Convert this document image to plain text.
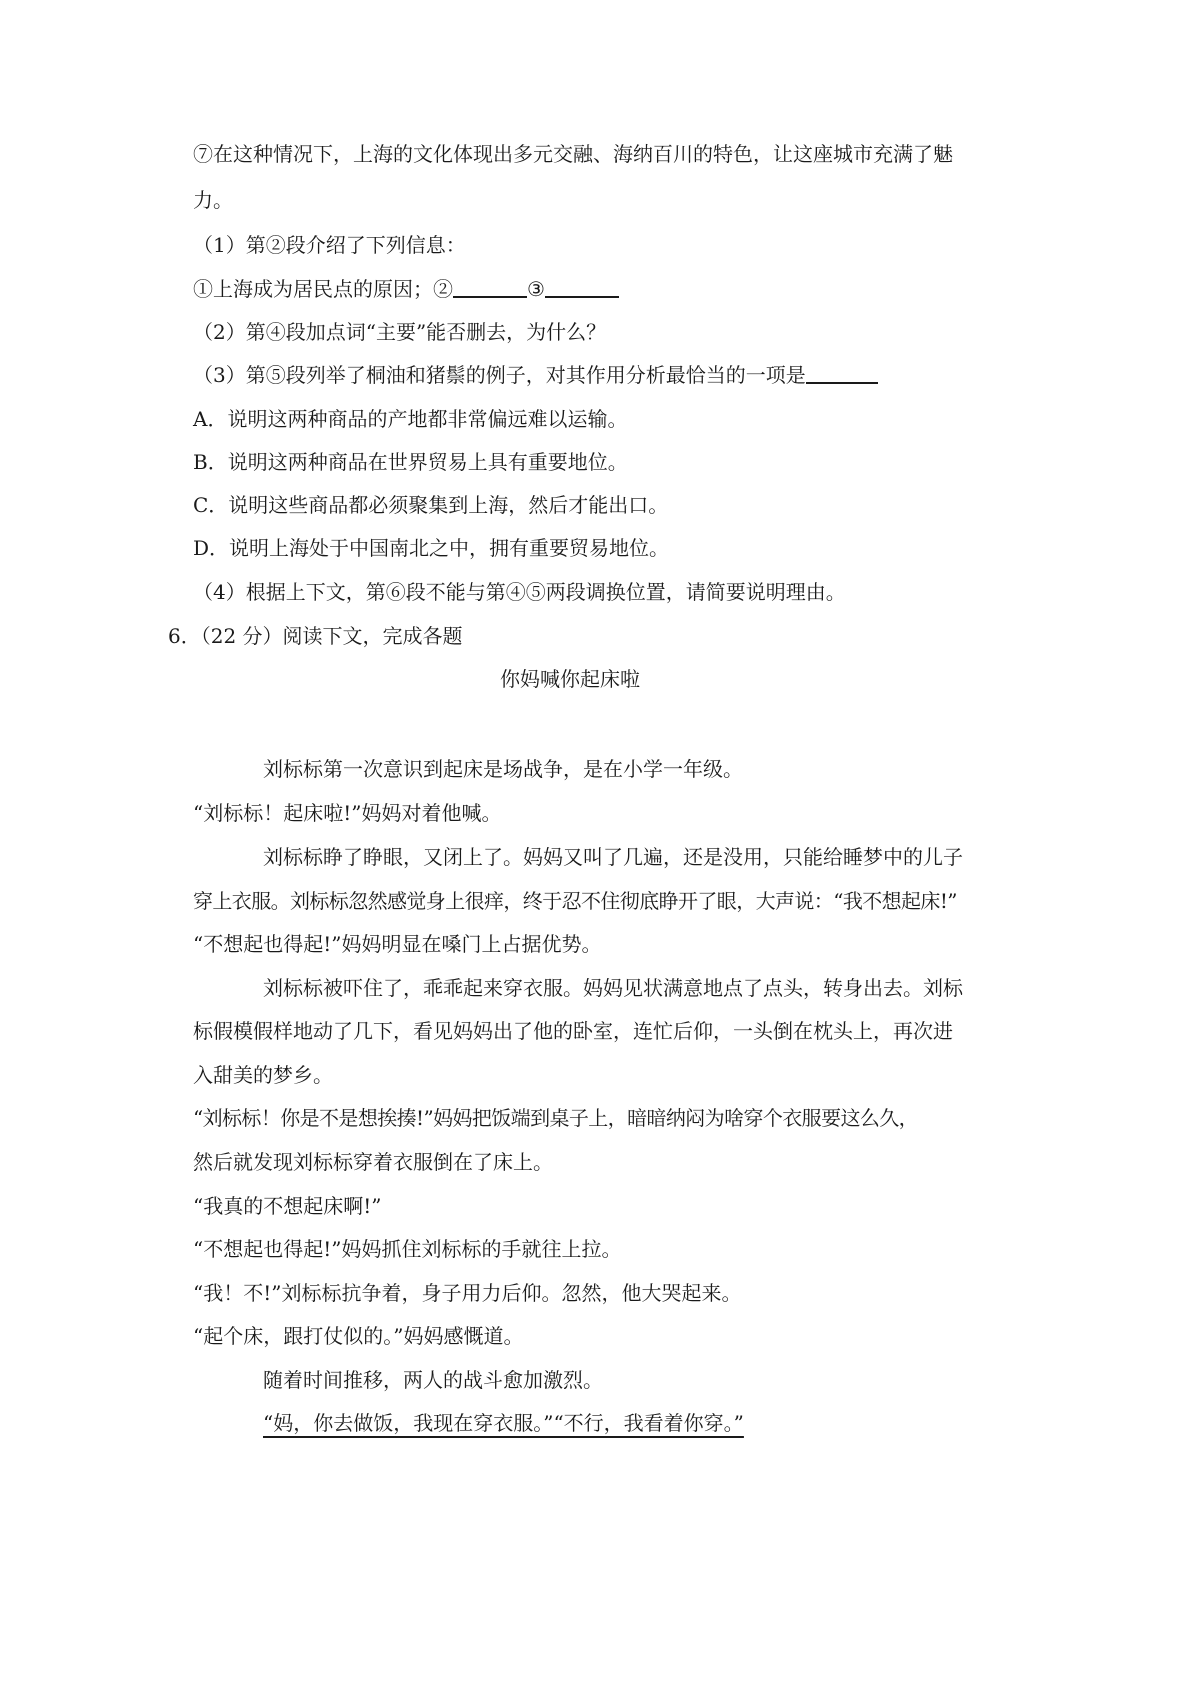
⑦在这种情况下，上海的文化体现出多元交融、海纳百川的特色，让这座城市充满了魅
力。
（1）第②段介绍了下列信息：
①上海成为居民点的原因；②	③
（2）第④段加点词“主要”能否删去，为什么？
（3）第⑤段列举了桐油和猪鬃的例子，对其作用分析最恰当的一项是
A．说明这两种商品的产地都非常偏远难以运输。
B．说明这两种商品在世界贸易上具有重要地位。
C．说明这些商品都必须聚集到上海，然后才能出口。
D．说明上海处于中国南北之中，拥有重要贸易地位。
（4）根据上下文，第⑥段不能与第④⑤两段调换位置，请简要说明理由。
6．（22 分）阅读下文，完成各题
你妈喊你起床啦
刘标标第一次意识到起床是场战争，是在小学一年级。
“刘标标！起床啦!”妈妈对着他喊。
刘标标睁了睁眼，又闭上了。妈妈又叫了几遍，还是没用，只能给睡梦中的儿子
穿上衣服。刘标标忽然感觉身上很痒，终于忍不住彻底睁开了眼，大声说：“我不想起床!”
“不想起也得起!”妈妈明显在嗓门上占据优势。
刘标标被吓住了，乖乖起来穿衣服。妈妈见状满意地点了点头，转身出去。刘标
标假模假样地动了几下，看见妈妈出了他的卧室，连忙后仰，一头倒在枕头上，再次进
入甜美的梦乡。
“刘标标！你是不是想挨揍!”妈妈把饭端到桌子上，暗暗纳闷为啥穿个衣服要这么久，
然后就发现刘标标穿着衣服倒在了床上。
“我真的不想起床啊!”
“不想起也得起!”妈妈抓住刘标标的手就往上拉。
“我！不!”刘标标抗争着，身子用力后仰。忽然，他大哭起来。
“起个床，跟打仗似的。”妈妈感慨道。
随着时间推移，两人的战斗愈加激烈。
“妈，你去做饭，我现在穿衣服。”“不行，我看着你穿。”
